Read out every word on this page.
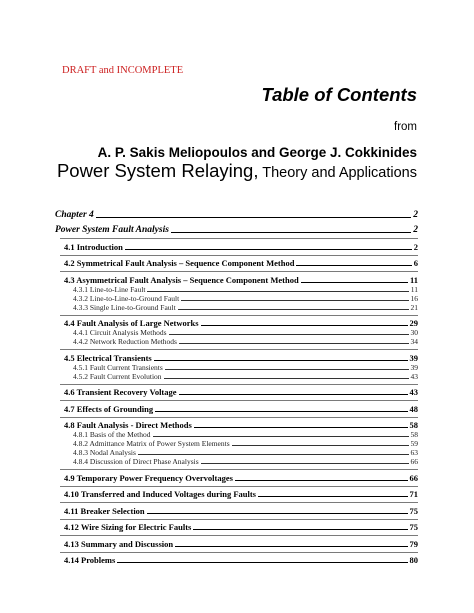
DRAFT and INCOMPLETE
Table of Contents
from
A. P. Sakis Meliopoulos and George J. Cokkinides
Power System Relaying, Theory and Applications
Chapter 4	2
Power System Fault Analysis	2
4.1 Introduction	2
4.2 Symmetrical Fault Analysis – Sequence Component Method	6
4.3 Asymmetrical Fault Analysis – Sequence Component Method	11
4.3.1 Line-to-Line Fault	11
4.3.2 Line-to-Line-to-Ground Fault	16
4.3.3 Single Line-to-Ground Fault	21
4.4 Fault Analysis of Large Networks	29
4.4.1 Circuit Analysis Methods	30
4.4.2 Network Reduction Methods	34
4.5 Electrical Transients	39
4.5.1 Fault Current Transients	39
4.5.2 Fault Current Evolution	43
4.6 Transient Recovery Voltage	43
4.7 Effects of Grounding	48
4.8 Fault Analysis - Direct Methods	58
4.8.1 Basis of the Method	58
4.8.2 Admittance Matrix of Power System Elements	59
4.8.3 Nodal Analysis	63
4.8.4 Discussion of Direct Phase Analysis	66
4.9 Temporary Power Frequency Overvoltages	66
4.10 Transferred and Induced Voltages during Faults	71
4.11 Breaker Selection	75
4.12 Wire Sizing for Electric Faults	75
4.13 Summary and Discussion	79
4.14 Problems	80
